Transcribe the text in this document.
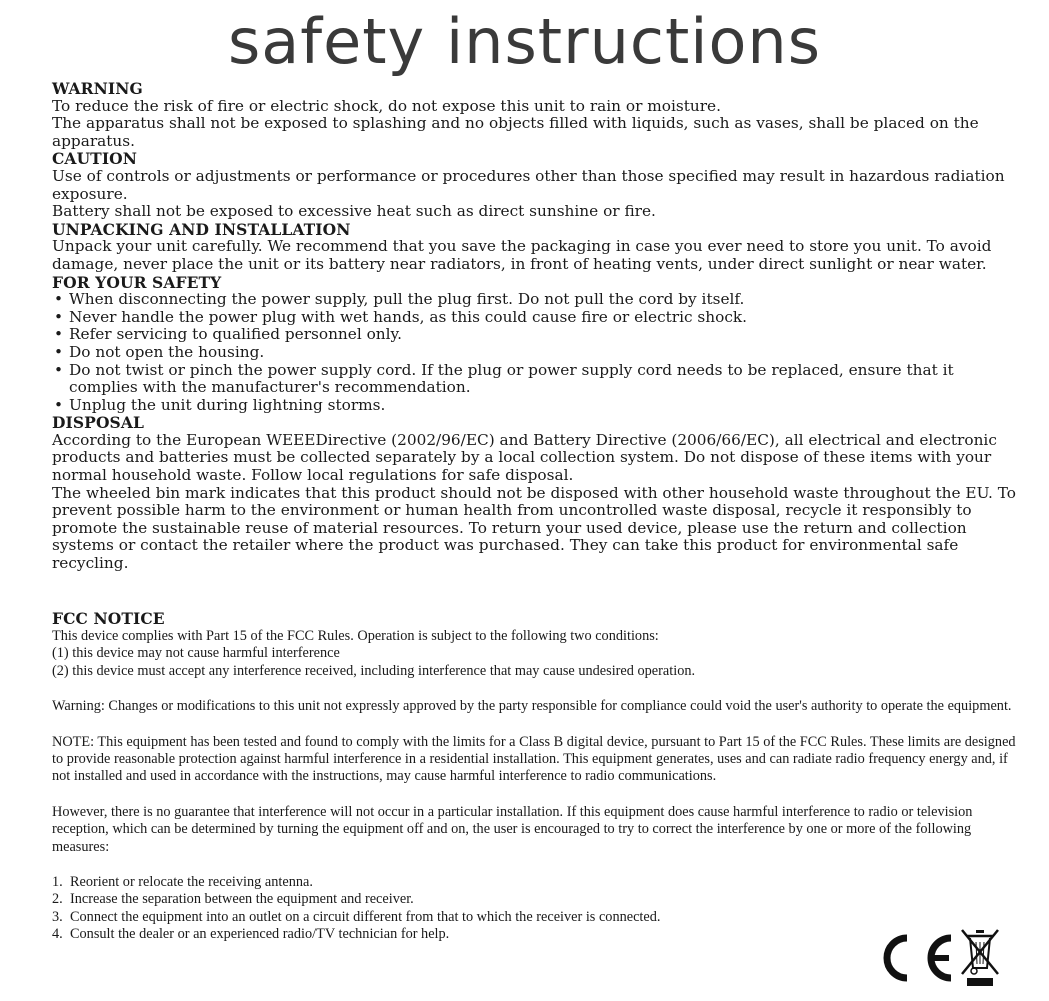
safety instructions
WARNING

To reduce the risk of fire or electric shock, do not expose this unit to rain or moisture.

The apparatus shall not be exposed to splashing and no objects filled with liquids, such as vases, shall be placed on the apparatus.

CAUTION

Use of controls or adjustments or performance or procedures other than those specified may result in hazardous radiation exposure.

Battery shall not be exposed to excessive heat such as direct sunshine or fire.

UNPACKING AND INSTALLATION

Unpack your unit carefully. We recommend that you save the packaging in case you ever need to store you unit. To avoid damage, never place the unit or its battery near radiators, in front of heating vents, under direct sunlight or near water.

FOR YOUR SAFETY
• When disconnecting the power supply, pull the plug first. Do not pull the cord by itself.
• Never handle the power plug with wet hands, as this could cause fire or electric shock.
• Refer servicing to qualified personnel only.
• Do not open the housing.
• Do not twist or pinch the power supply cord. If the plug or power supply cord needs to be replaced, ensure that it complies with the manufacturer's recommendation.
• Unplug the unit during lightning storms.
DISPOSAL

According to the European WEEEDirective (2002/96/EC) and Battery Directive (2006/66/EC), all electrical and electronic products and batteries must be collected separately by a local collection system. Do not dispose of these items with your normal household waste. Follow local regulations for safe disposal.

The wheeled bin mark indicates that this product should not be disposed with other household waste throughout the EU. To prevent possible harm to the environment or human health from uncontrolled waste disposal, recycle it responsibly to promote the sustainable reuse of material resources. To return your used device, please use the return and collection systems or contact the retailer where the product was purchased. They can take this product for environmental safe recycling.

FCC NOTICE

This device complies with Part 15 of the FCC Rules. Operation is subject to the following two conditions:

(1) this device may not cause harmful interference

(2) this device must accept any interference received, including interference that may cause undesired operation.

Warning: Changes or modifications to this unit not expressly approved by the party responsible for compliance could void the user's authority to operate the equipment.

NOTE: This equipment has been tested and found to comply with the limits for a Class B digital device, pursuant to Part 15 of the FCC Rules. These limits are designed to provide reasonable protection against harmful interference in a residential installation. This equipment generates, uses and can radiate radio frequency energy and, if not installed and used in accordance with the instructions, may cause harmful interference to radio communications.

However, there is no guarantee that interference will not occur in a particular installation. If this equipment does cause harmful interference to radio or television reception, which can be determined by turning the equipment off and on, the user is encouraged to try to correct the interference by one or more of the following measures:

1. Reorient or relocate the receiving antenna.
2. Increase the separation between the equipment and receiver.
3. Connect the equipment into an outlet on a circuit different from that to which the receiver is connected.
4. Consult the dealer or an experienced radio/TV technician for help.
